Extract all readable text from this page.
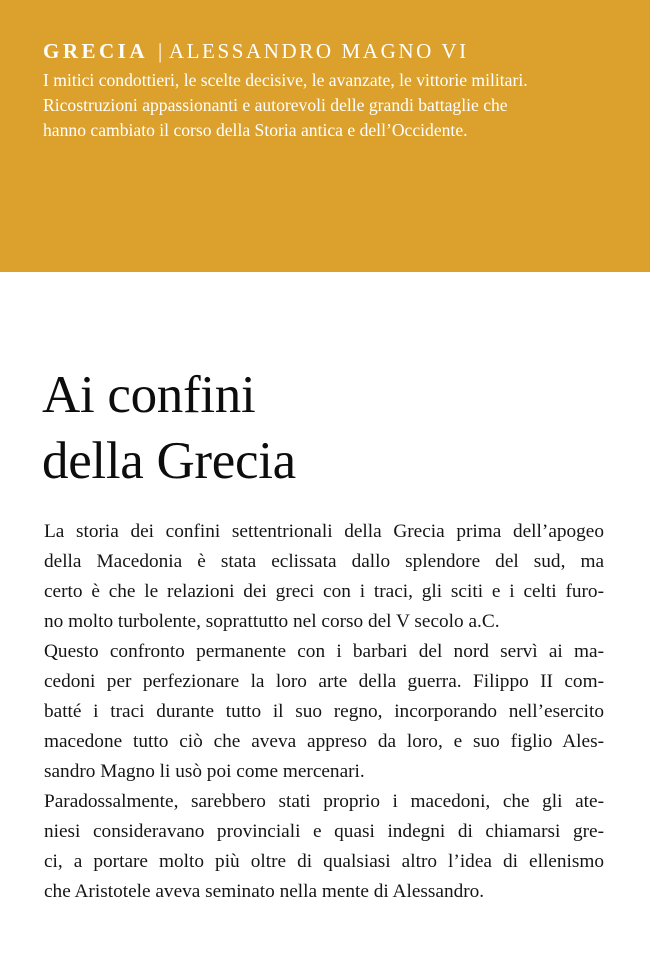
GRECIA | ALESSANDRO MAGNO VI

I mitici condottieri, le scelte decisive, le avanzate, le vittorie militari.

Ricostruzioni appassionanti e autorevoli delle grandi battaglie che

hanno cambiato il corso della Storia antica e dell’Occidente.

Ai confini
della Grecia
La storia dei confini settentrionali della Grecia prima dell’apogeo
della Macedonia è stata eclissata dallo splendore del sud, ma
certo è che le relazioni dei greci con i traci, gli sciti e i celti furo-
no molto turbolente, soprattutto nel corso del V secolo a.C.
Questo confronto permanente con i barbari del nord servì ai ma-
cedoni per perfezionare la loro arte della guerra. Filippo II com-
batté i traci durante tutto il suo regno, incorporando nell’esercito
macedone tutto ciò che aveva appreso da loro, e suo figlio Ales-
sandro Magno li usò poi come mercenari.
Paradossalmente, sarebbero stati proprio i macedoni, che gli ate-
niesi consideravano provinciali e quasi indegni di chiamarsi gre-
ci, a portare molto più oltre di qualsiasi altro l’idea di ellenismo
che Aristotele aveva seminato nella mente di Alessandro.
